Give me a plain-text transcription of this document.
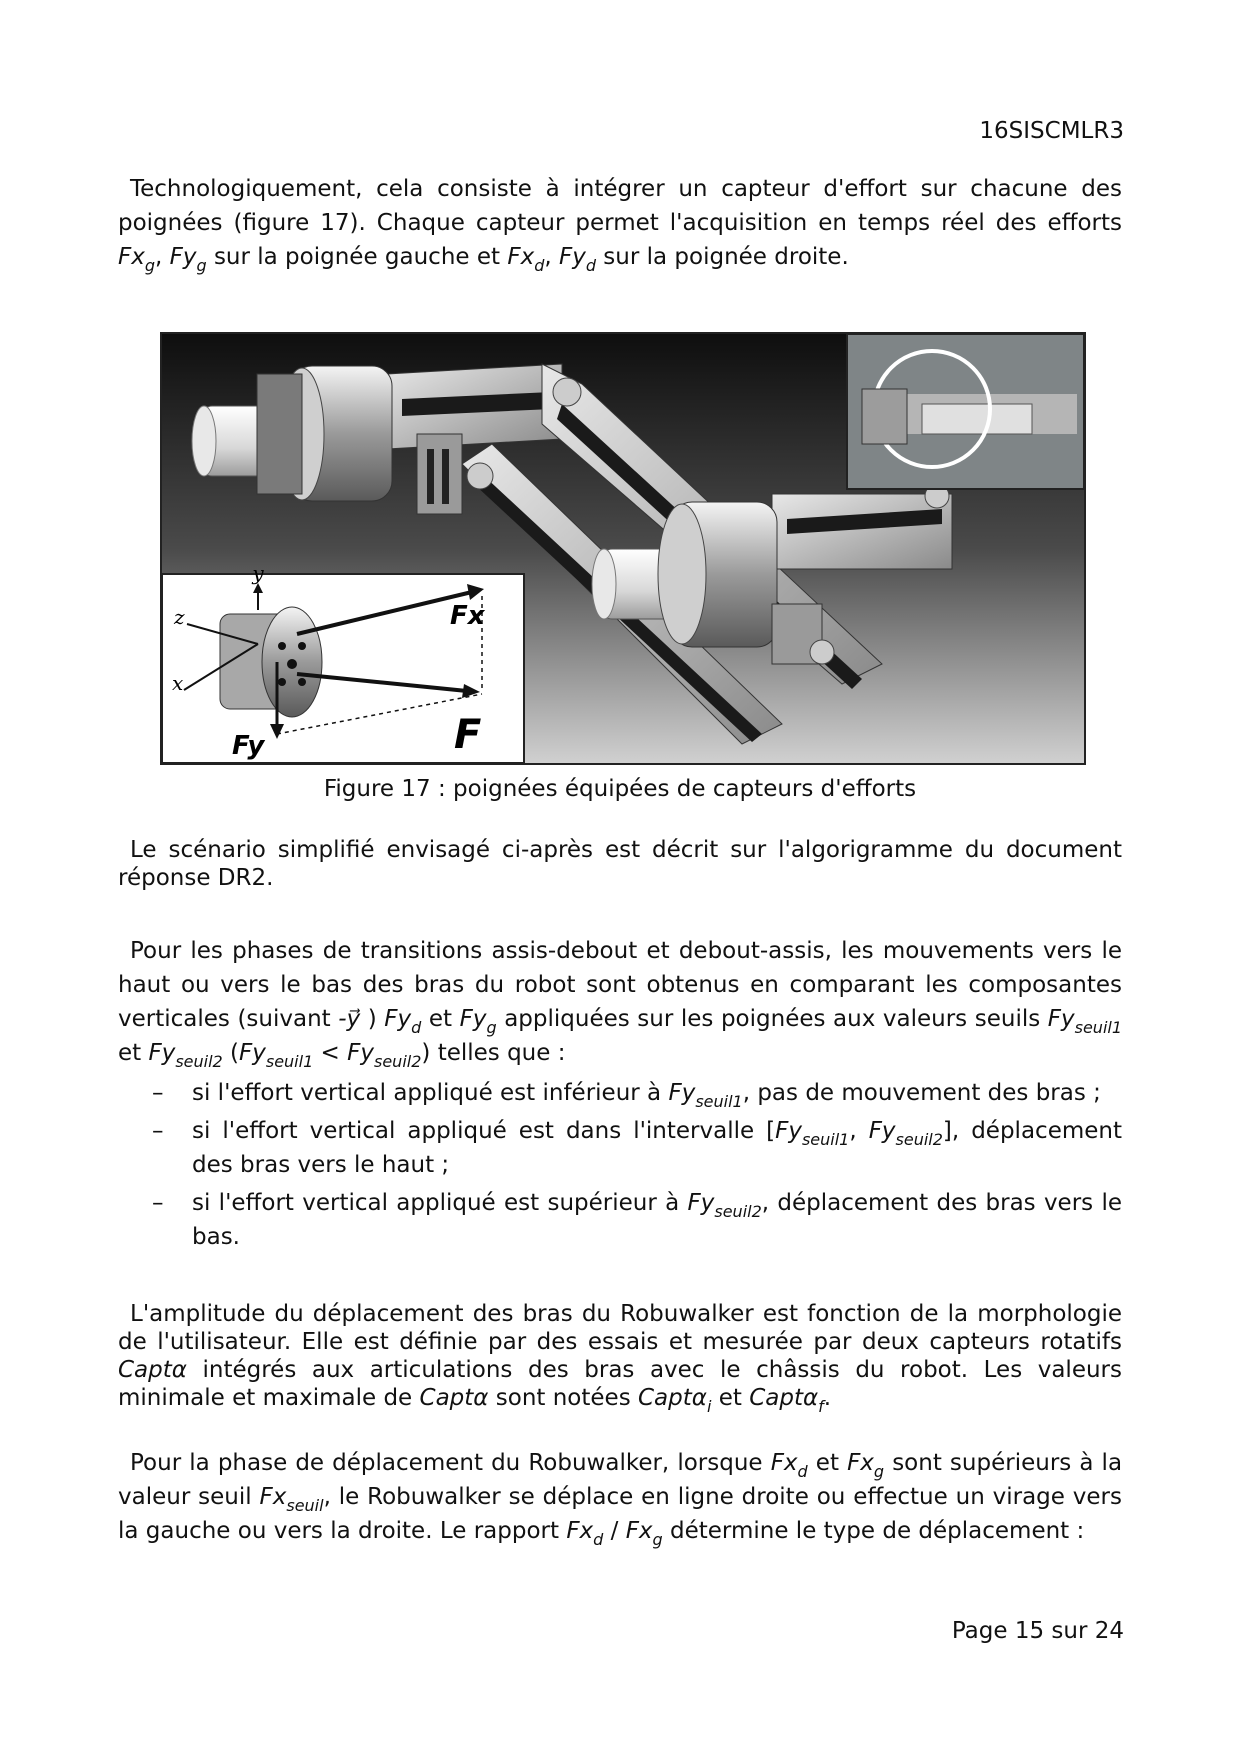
16SISCMLR3
Technologiquement, cela consiste à intégrer un capteur d'effort sur chacune des poignées (figure 17). Chaque capteur permet l'acquisition en temps réel des efforts $Fx_g$, $Fy_g$ sur la poignée gauche et $Fx_d$, $Fy_d$ sur la poignée droite.
y
z
x
Fx
Fy	F
Figure 17 : poignées équipées de capteurs d'efforts
Le scénario simplifié envisagé ci-après est décrit sur l'algorigramme du document réponse DR2.
Pour les phases de transitions assis-debout et debout-assis, les mouvements vers le haut ou vers le bas des bras du robot sont obtenus en comparant les composantes verticales (suivant -y⃗ ) $Fy_d$ et $Fy_g$ appliquées sur les poignées aux valeurs seuils $Fy_{seuil1}$ et $Fy_{seuil2}$ $(Fy_{seuil1} < Fy_{seuil2})$ telles que :
–	si l'effort vertical appliqué est inférieur à $Fy_{seuil1}$, pas de mouvement des bras ;
–	si l'effort vertical appliqué est dans l'intervalle [$Fy_{seuil1}$, $Fy_{seuil2}$], déplacement des bras vers le haut ;
–	si l'effort vertical appliqué est supérieur à $Fy_{seuil2}$, déplacement des bras vers le bas.
L'amplitude du déplacement des bras du Robuwalker est fonction de la morphologie de l'utilisateur. Elle est définie par des essais et mesurée par deux capteurs rotatifs Captα intégrés aux articulations des bras avec le châssis du robot. Les valeurs minimale et maximale de Captα sont notées Captα$_i$ et Captα$_f$.
Pour la phase de déplacement du Robuwalker, lorsque $Fx_d$ et $Fx_g$ sont supérieurs à la valeur seuil $Fx_{seuil}$, le Robuwalker se déplace en ligne droite ou effectue un virage vers la gauche ou vers la droite. Le rapport $Fx_d / Fx_g$ détermine le type de déplacement :
Page 15 sur 24
